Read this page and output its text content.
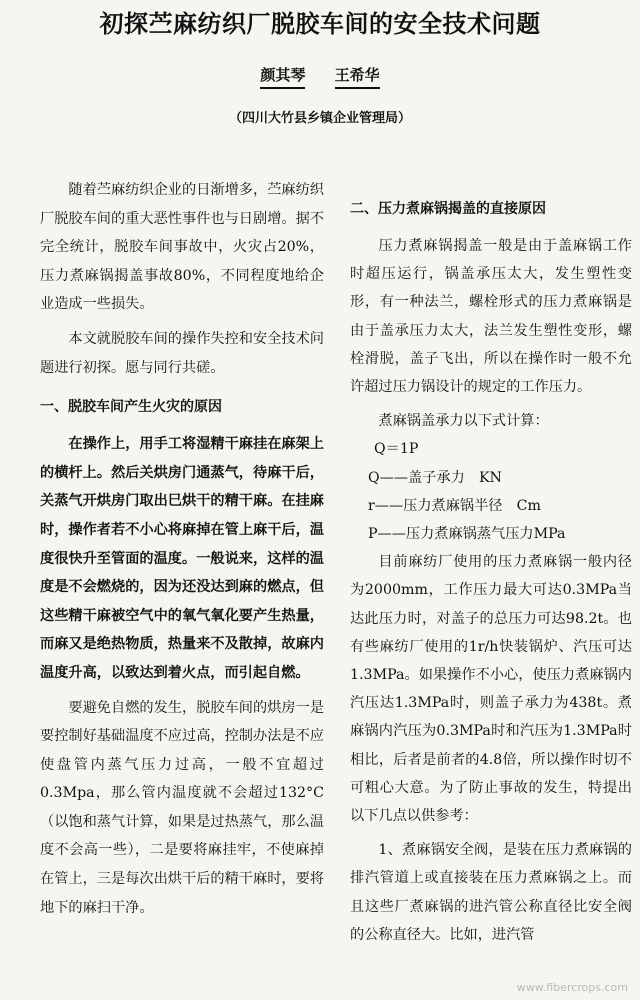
初探苎麻纺织厂脱胶车间的安全技术问题
颜其琴 王希华
（四川大竹县乡镇企业管理局）

随着苎麻纺织企业的日渐增多，苎麻纺织厂脱胶车间的重大恶性事件也与日剧增。据不完全统计，脱胶车间事故中，火灾占20%，压力煮麻锅揭盖事故80%，不同程度地给企业造成一些损失。

本文就脱胶车间的操作失控和安全技术问题进行初探。愿与同行共磋。

一、脱胶车间产生火灾的原因

在操作上，用手工将湿精干麻挂在麻架上的横杆上。然后关烘房门通蒸气，待麻干后，关蒸气开烘房门取出巳烘干的精干麻。在挂麻时，操作者若不小心将麻掉在管上麻干后，温度很快升至管面的温度。一般说来，这样的温度是不会燃烧的，因为还没达到麻的燃点，但这些精干麻被空气中的氧气氧化要产生热量，而麻又是绝热物质，热量来不及散掉，故麻内温度升高，以致达到着火点，而引起自燃。

要避免自燃的发生，脱胶车间的烘房一是要控制好基础温度不应过高，控制办法是不应使盘管内蒸气压力过高，一般不宜超过0.3Mpa，那么管内温度就不会超过132°C（以饱和蒸气计算，如果是过热蒸气，那么温度不会高一些），二是要将麻挂牢，不使麻掉在管上，三是每次出烘干后的精干麻时，要将地下的麻扫干净。

二、压力煮麻锅揭盖的直接原因

压力煮麻锅揭盖一般是由于盖麻锅工作时超压运行，锅盖承压太大，发生塑性变形，有一种法兰，螺栓形式的压力煮麻锅是由于盖承压力太大，法兰发生塑性变形，螺栓滑脱，盖子飞出，所以在操作时一般不允许超过压力锅设计的规定的工作压力。

煮麻锅盖承力以下式计算：

Q＝1P

Q——盖子承力　KN

r——压力煮麻锅半径　Cm

P——压力煮麻锅蒸气压力MPa

目前麻纺厂使用的压力煮麻锅一般内径为2000mm，工作压力最大可达0.3MPa当达此压力时，对盖子的总压力可达98.2t。也有些麻纺厂使用的1r/h快装锅炉、汽压可达1.3MPa。如果操作不小心，使压力煮麻锅内汽压达1.3MPa时，则盖子承力为438t。煮麻锅内汽压为0.3MPa时和汽压为1.3MPa时相比，后者是前者的4.8倍，所以操作时切不可粗心大意。为了防止事故的发生，特提出以下几点以供参考：

1、煮麻锅安全阀，是装在压力煮麻锅的排汽管道上或直接装在压力煮麻锅之上。而且这些厂煮麻锅的进汽管公称直径比安全阀的公称直径大。比如，进汽管

www.fibercrops.com
